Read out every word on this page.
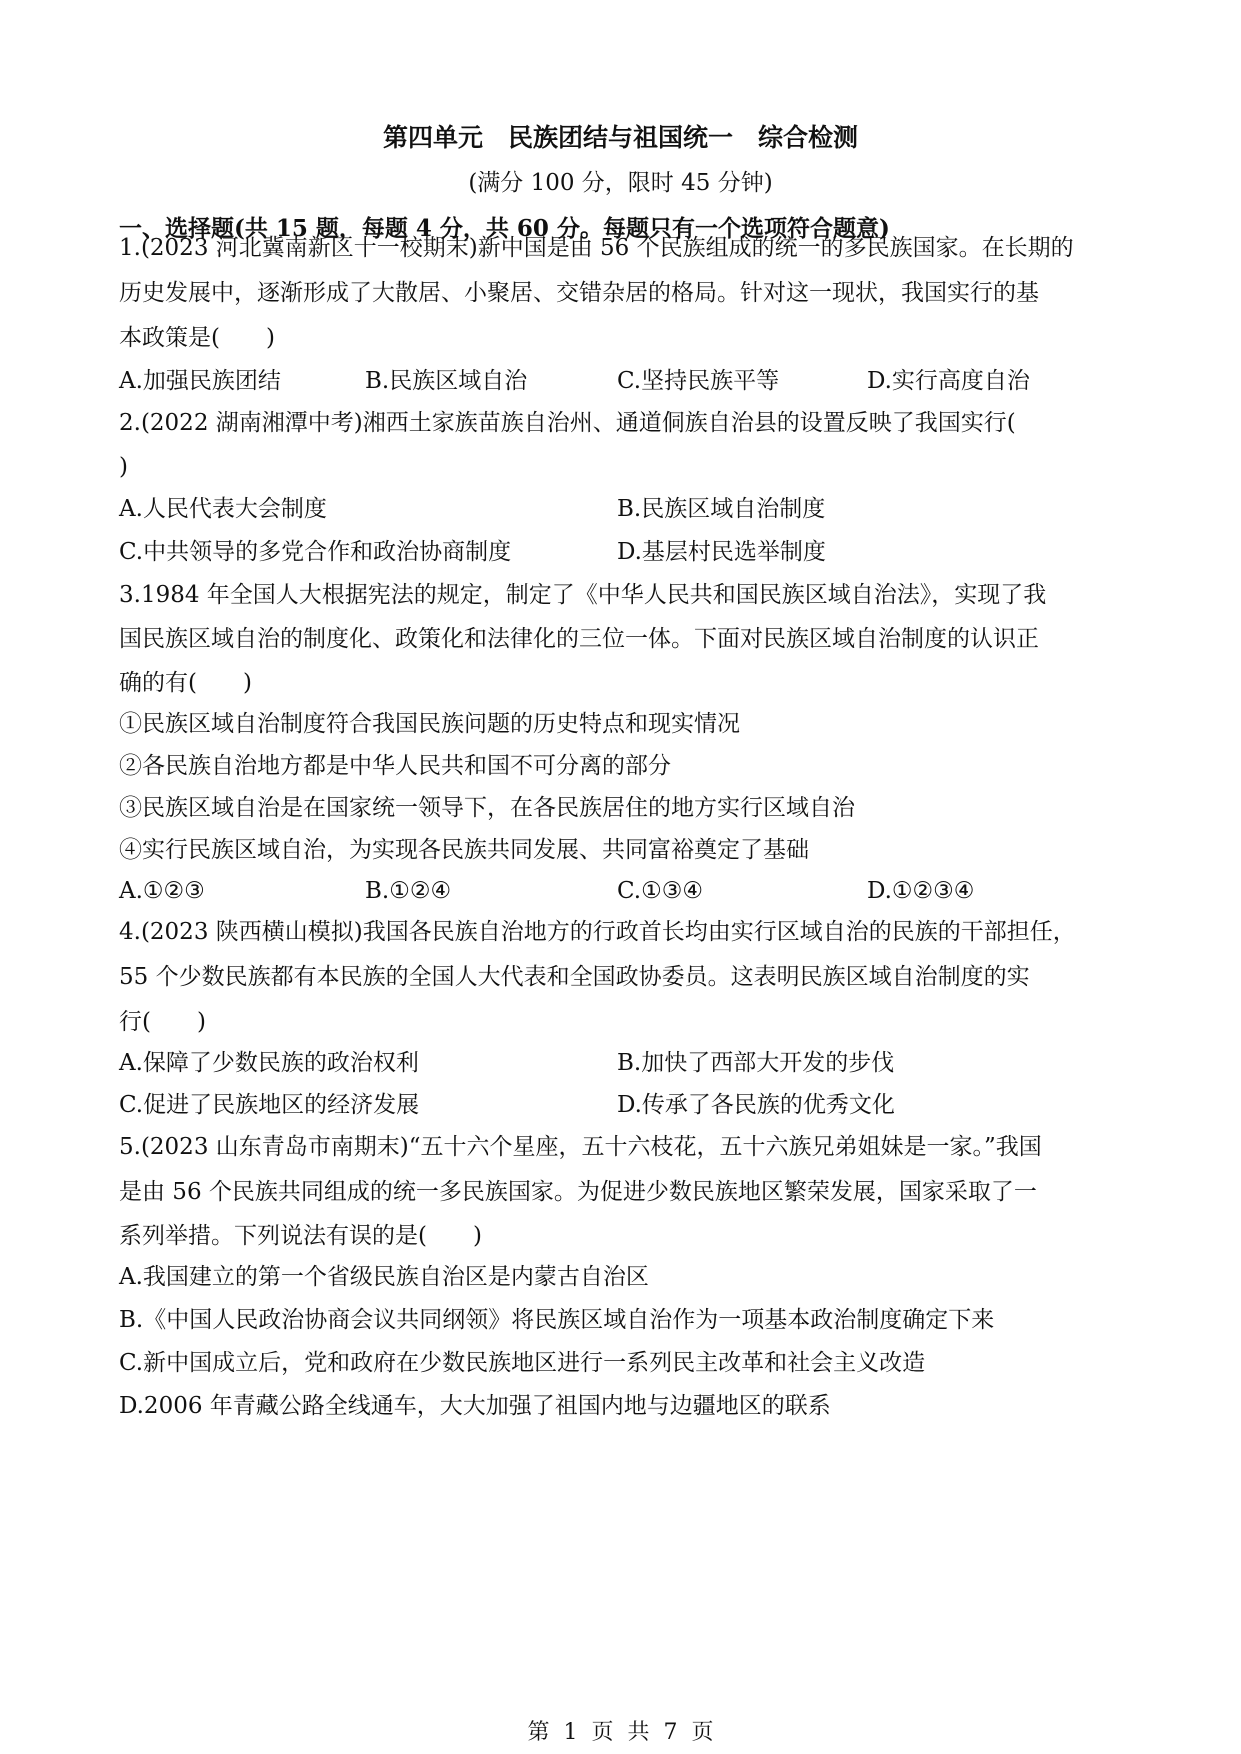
第四单元　民族团结与祖国统一　综合检测
(满分 100 分，限时 45 分钟)
一、选择题(共 15 题，每题 4 分，共 60 分。每题只有一个选项符合题意)
1.(2023 河北冀南新区十一校期末)新中国是由 56 个民族组成的统一的多民族国家。在长期的
历史发展中，逐渐形成了大散居、小聚居、交错杂居的格局。针对这一现状，我国实行的基
本政策是(　　)
A.加强民族团结	B.民族区域自治	C.坚持民族平等	D.实行高度自治
2.(2022 湖南湘潭中考)湘西土家族苗族自治州、通道侗族自治县的设置反映了我国实行(
)
A.人民代表大会制度	B.民族区域自治制度
C.中共领导的多党合作和政治协商制度	D.基层村民选举制度
3.1984 年全国人大根据宪法的规定，制定了《中华人民共和国民族区域自治法》，实现了我
国民族区域自治的制度化、政策化和法律化的三位一体。下面对民族区域自治制度的认识正
确的有(　　)
①民族区域自治制度符合我国民族问题的历史特点和现实情况
②各民族自治地方都是中华人民共和国不可分离的部分
③民族区域自治是在国家统一领导下，在各民族居住的地方实行区域自治
④实行民族区域自治，为实现各民族共同发展、共同富裕奠定了基础
A.①②③	B.①②④	C.①③④	D.①②③④
4.(2023 陕西横山模拟)我国各民族自治地方的行政首长均由实行区域自治的民族的干部担任，
55 个少数民族都有本民族的全国人大代表和全国政协委员。这表明民族区域自治制度的实
行(　　)
A.保障了少数民族的政治权利	B.加快了西部大开发的步伐
C.促进了民族地区的经济发展	D.传承了各民族的优秀文化
5.(2023 山东青岛市南期末)“五十六个星座，五十六枝花，五十六族兄弟姐妹是一家。”我国
是由 56 个民族共同组成的统一多民族国家。为促进少数民族地区繁荣发展，国家采取了一
系列举措。下列说法有误的是(　　)
A.我国建立的第一个省级民族自治区是内蒙古自治区
B.《中国人民政治协商会议共同纲领》将民族区域自治作为一项基本政治制度确定下来
C.新中国成立后，党和政府在少数民族地区进行一系列民主改革和社会主义改造
D.2006 年青藏公路全线通车，大大加强了祖国内地与边疆地区的联系
第  1  页  共  7  页
